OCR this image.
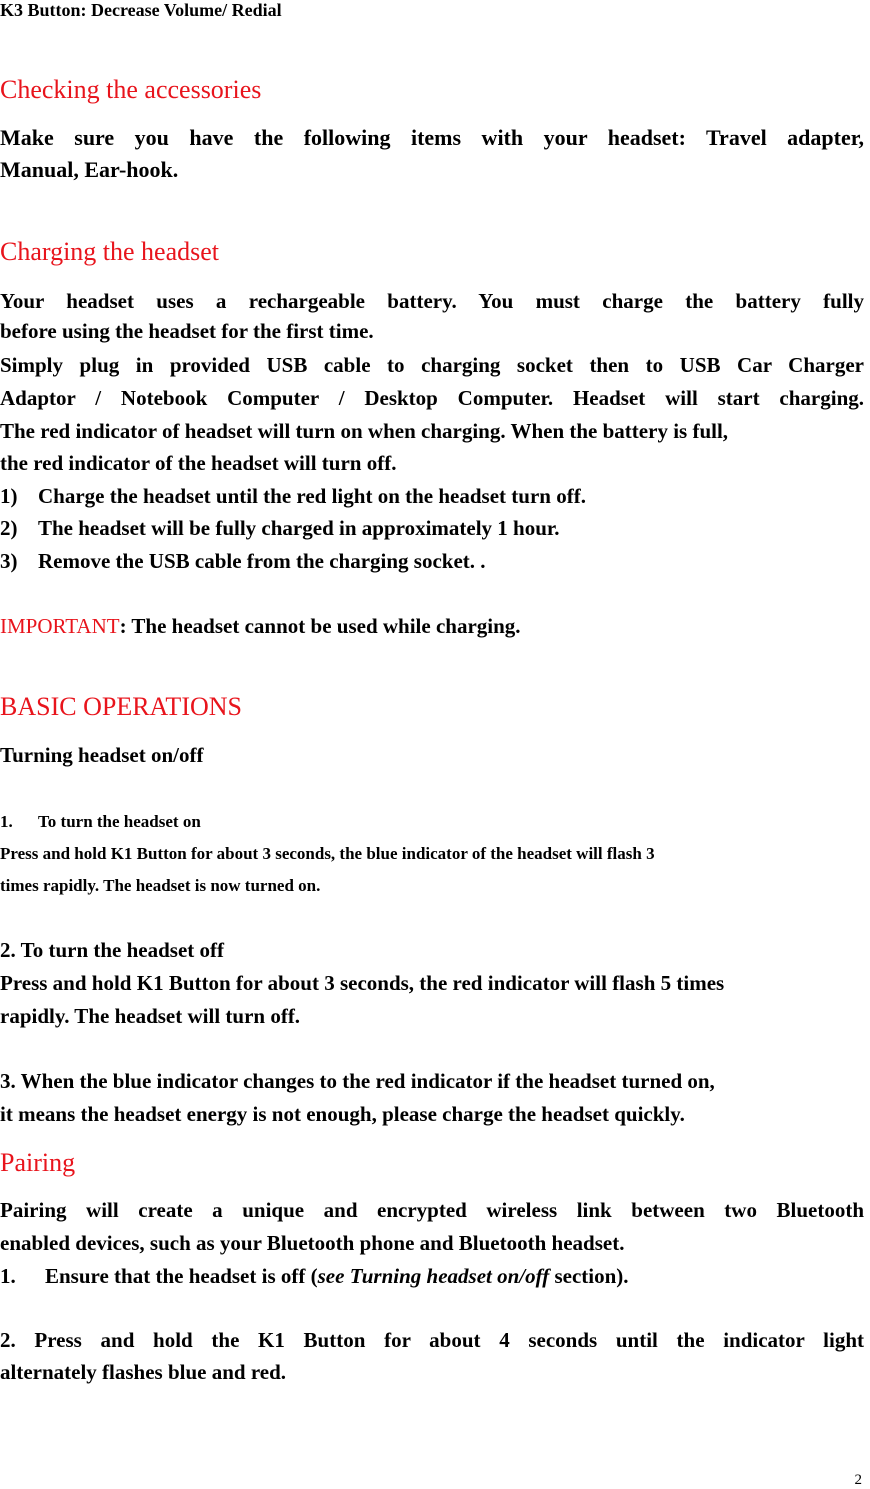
K3 Button: Decrease Volume/ Redial
Checking the accessories
Make sure you have the following items with your headset: Travel adapter,
Manual, Ear-hook.
Charging the headset
Your headset uses a rechargeable battery. You must charge the battery fully
before using the headset for the first time.
Simply plug in provided USB cable to charging socket then to USB Car Charger
Adaptor / Notebook Computer / Desktop Computer. Headset will start charging.
The red indicator of headset will turn on when charging. When the battery is full,
the red indicator of the headset will turn off.
1) Charge the headset until the red light on the headset turn off.
2) The headset will be fully charged in approximately 1 hour.
3) Remove the USB cable from the charging socket. .
IMPORTANT: The headset cannot be used while charging.
BASIC OPERATIONS
Turning headset on/off
1. To turn the headset on
Press and hold K1 Button for about 3 seconds, the blue indicator of the headset will flash 3
times rapidly. The headset is now turned on.
2. To turn the headset off
Press and hold K1 Button for about 3 seconds, the red indicator will flash 5 times
rapidly. The headset will turn off.
3. When the blue indicator changes to the red indicator if the headset turned on,
it means the headset energy is not enough, please charge the headset quickly.
Pairing
Pairing will create a unique and encrypted wireless link between two Bluetooth
enabled devices, such as your Bluetooth phone and Bluetooth headset.
1. Ensure that the headset is off (see Turning headset on/off section).
2. Press and hold the K1 Button for about 4 seconds until the indicator light
alternately flashes blue and red.
2
